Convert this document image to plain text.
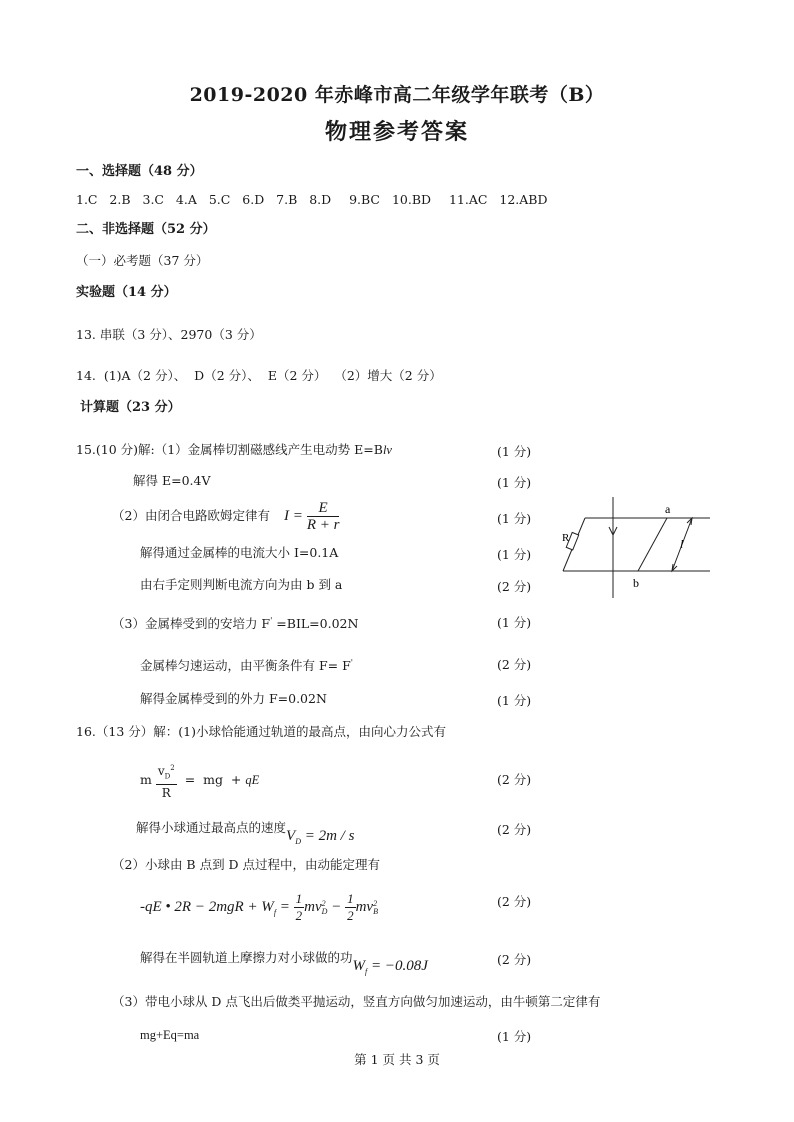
2019-2020 年赤峰市高二年级学年联考（B）
物理参考答案
一、选择题（48 分）
1.C  2.B  3.C  4.A  5.C  6.D  7.B  8.D   9.BC  10.BD   11.AC  12.ABD
二、非选择题（52 分）
（一）必考题（37 分）
实验题（14 分）
13. 串联（3 分）、2970（3 分）
14.  (1)A（2 分）、  D（2 分）、  E（2 分）  （2）增大（2 分）
计算题（23 分）
15.(10 分)解:（1）金属棒切割磁感线产生电动势 E=Blv
解得 E=0.4V
（2）由闭合电路欧姆定律有 $I = \frac{E}{R + r}$
解得通过金属棒的电流大小 I=0.1A
由右手定则判断电流方向为由 b 到 a
（3）金属棒受到的安培力 F' =BIL=0.02N
金属棒匀速运动，由平衡条件有 F= F'
解得金属棒受到的外力 F=0.02N
(1 分)
(1 分)
(1 分)
(1 分)
(2 分)
(1 分)
(2 分)
(1 分)
a
b
R	l
16.（13 分）解：(1)小球恰能通过轨道的最高点，由向心力公式有
m $\frac{v_D^2}{R}$ =  mg  + qE
解得小球通过最高点的速度$V_D = 2m / s$
（2）小球由 B 点到 D 点过程中，由动能定理有
-qE • $2R - 2mgR + W_f = \frac{1}{2}$ mv 2
$D - \frac{1}{2}$ mv 2
B
解得在半圆轨道上摩擦力对小球做的功$W_f = -0.08J$
（3）带电小球从 D 点飞出后做类平抛运动，竖直方向做匀加速运动，由牛顿第二定律有
mg+Eq=ma
(2 分)
(2 分)
(2 分)
(2 分)
(1 分)
第 1 页 共 3 页
